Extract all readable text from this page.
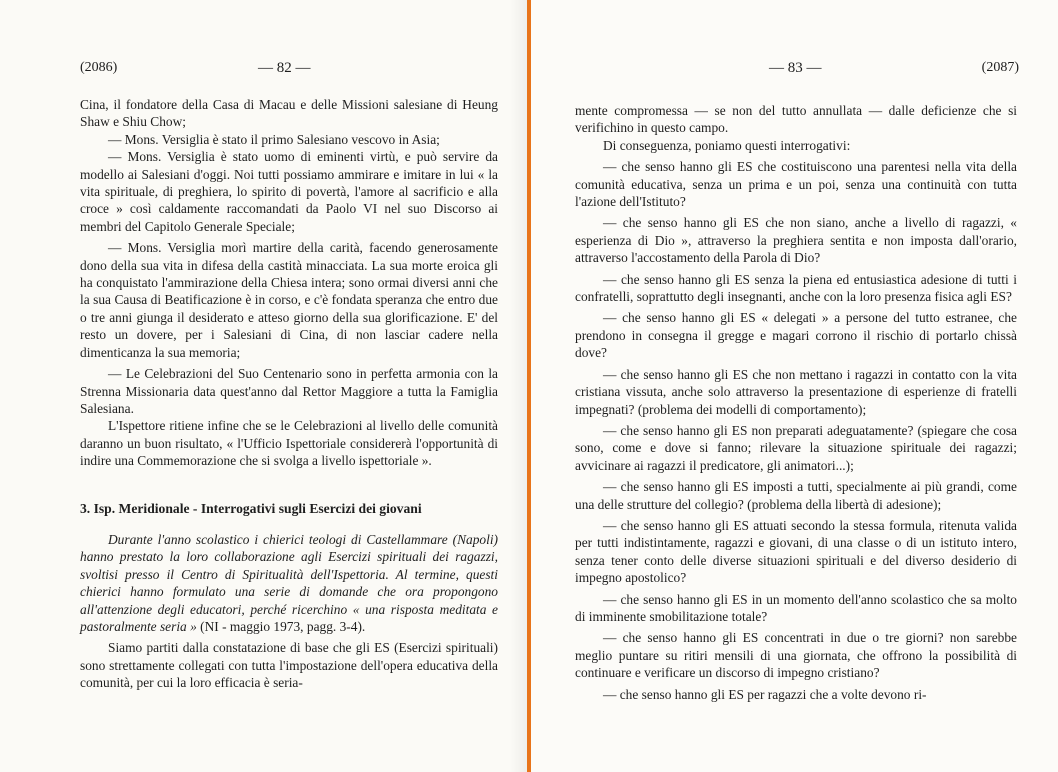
(2086)	— 82 —

Cina, il fondatore della Casa di Macau e delle Missioni salesiane di Heung Shaw e Shiu Chow;

— Mons. Versiglia è stato il primo Salesiano vescovo in Asia;

— Mons. Versiglia è stato uomo di eminenti virtù, e può servire da modello ai Salesiani d'oggi. Noi tutti possiamo ammirare e imitare in lui « la vita spirituale, di preghiera, lo spirito di povertà, l'amore al sacrificio e alla croce » così caldamente raccomandati da Paolo VI nel suo Discorso ai membri del Capitolo Generale Speciale;

— Mons. Versiglia morì martire della carità, facendo generosamente dono della sua vita in difesa della castità minacciata. La sua morte eroica gli ha conquistato l'ammirazione della Chiesa intera; sono ormai diversi anni che la sua Causa di Beatificazione è in corso, e c'è fondata speranza che entro due o tre anni giunga il desiderato e atteso giorno della sua glorificazione. E' del resto un dovere, per i Salesiani di Cina, di non lasciar cadere nella dimenticanza la sua memoria;

— Le Celebrazioni del Suo Centenario sono in perfetta armonia con la Strenna Missionaria data quest'anno dal Rettor Maggiore a tutta la Famiglia Salesiana.

L'Ispettore ritiene infine che se le Celebrazioni al livello delle comunità daranno un buon risultato, « l'Ufficio Ispettoriale considererà l'opportunità di indire una Commemorazione che si svolga a livello ispettoriale ».

3. Isp. Meridionale - Interrogativi sugli Esercizi dei giovani

Durante l'anno scolastico i chierici teologi di Castellammare (Napoli) hanno prestato la loro collaborazione agli Esercizi spirituali dei ragazzi, svoltisi presso il Centro di Spiritualità dell'Ispettoria. Al termine, questi chierici hanno formulato una serie di domande che ora propongono all'attenzione degli educatori, perché ricerchino « una risposta meditata e pastoralmente seria » (NI - maggio 1973, pagg. 3-4).

Siamo partiti dalla constatazione di base che gli ES (Esercizi spirituali) sono strettamente collegati con tutta l'impostazione dell'opera educativa della comunità, per cui la loro efficacia è seria-

— 83 —	(2087)

mente compromessa — se non del tutto annullata — dalle deficienze che si verifichino in questo campo.

Di conseguenza, poniamo questi interrogativi:

— che senso hanno gli ES che costituiscono una parentesi nella vita della comunità educativa, senza un prima e un poi, senza una continuità con tutta l'azione dell'Istituto?

— che senso hanno gli ES che non siano, anche a livello di ragazzi, « esperienza di Dio », attraverso la preghiera sentita e non imposta dall'orario, attraverso l'accostamento della Parola di Dio?

— che senso hanno gli ES senza la piena ed entusiastica adesione di tutti i confratelli, soprattutto degli insegnanti, anche con la loro presenza fisica agli ES?

— che senso hanno gli ES « delegati » a persone del tutto estranee, che prendono in consegna il gregge e magari corrono il rischio di portarlo chissà dove?

— che senso hanno gli ES che non mettano i ragazzi in contatto con la vita cristiana vissuta, anche solo attraverso la presentazione di esperienze di fratelli impegnati? (problema dei modelli di comportamento);

— che senso hanno gli ES non preparati adeguatamente? (spiegare che cosa sono, come e dove si fanno; rilevare la situazione spirituale dei ragazzi; avvicinare ai ragazzi il predicatore, gli animatori...);

— che senso hanno gli ES imposti a tutti, specialmente ai più grandi, come una delle strutture del collegio? (problema della libertà di adesione);

— che senso hanno gli ES attuati secondo la stessa formula, ritenuta valida per tutti indistintamente, ragazzi e giovani, di una classe o di un istituto intero, senza tener conto delle diverse situazioni spirituali e del diverso desiderio di impegno apostolico?

— che senso hanno gli ES in un momento dell'anno scolastico che sa molto di imminente smobilitazione totale?

— che senso hanno gli ES concentrati in due o tre giorni? non sarebbe meglio puntare su ritiri mensili di una giornata, che offrono la possibilità di continuare e verificare un discorso di impegno cristiano?

— che senso hanno gli ES per ragazzi che a volte devono ri-
